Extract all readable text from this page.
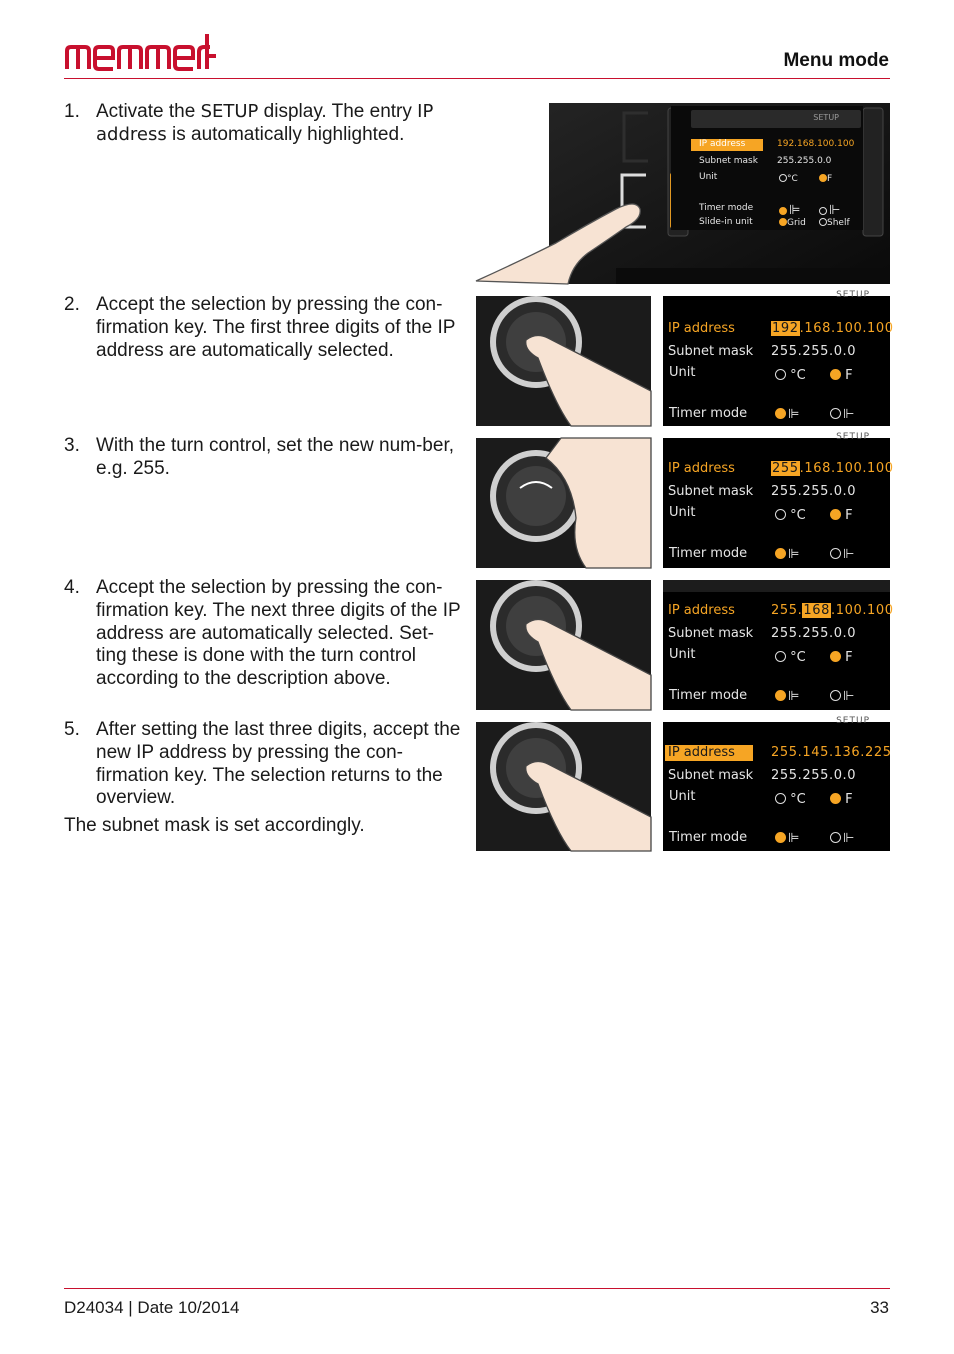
Menu mode
1. Activate the SETUP display. The entry IP address is automatically highlighted.
2. Accept the selection by pressing the con-firmation key. The first three digits of the IP address are automatically selected.
3. With the turn control, set the new num-ber, e.g. 255.
4. Accept the selection by pressing the con-firmation key. The next three digits of the IP address are automatically selected. Set-ting these is done with the turn control according to the description above.
5. After setting the last three digits, accept the new IP address by pressing the con-firmation key. The selection returns to the overview.
The subnet mask is set accordingly.
SETUP
IP address	192.168.100.100
Subnet mask 255.255.0.0
Unit	°C	F
Timer mode	⊫	⊩
Slide-in unit	Grid	Shelf
SETUP
IP address	192.168.100.100
Subnet mask 255.255.0.0
Unit	°C	F
Timer mode	⊫	⊩
SETUP
IP address	255.168.100.100
Subnet mask 255.255.0.0
Unit	°C	F
Timer mode	⊫	⊩
IP address	255.168.100.100
Subnet mask 255.255.0.0
Unit	°C	F
Timer mode	⊫	⊩
SETUP
IP address	255.145.136.225
Subnet mask 255.255.0.0
Unit	°C	F
Timer mode	⊫	⊩
D24034 | Date 10/2014	33
